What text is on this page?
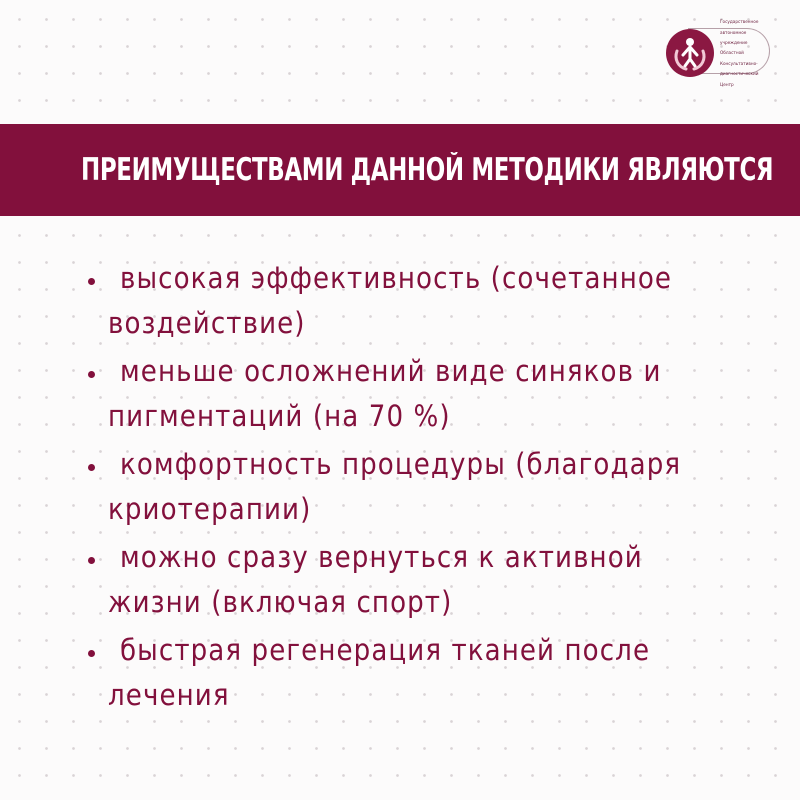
Государственное

автономное

учреждение

Областной

Консультативно-

диагностический

Центр

ПРЕИМУЩЕСТВАМИ ДАННОЙ МЕТОДИКИ ЯВЛЯЮТСЯ
высокая эффективность (сочетанное
воздействие)
меньше осложнений виде синяков и
пигментаций (на 70 %)
комфортность процедуры (благодаря
криотерапии)
можно сразу вернуться к активной
жизни (включая спорт)
быстрая регенерация тканей после
лечения
